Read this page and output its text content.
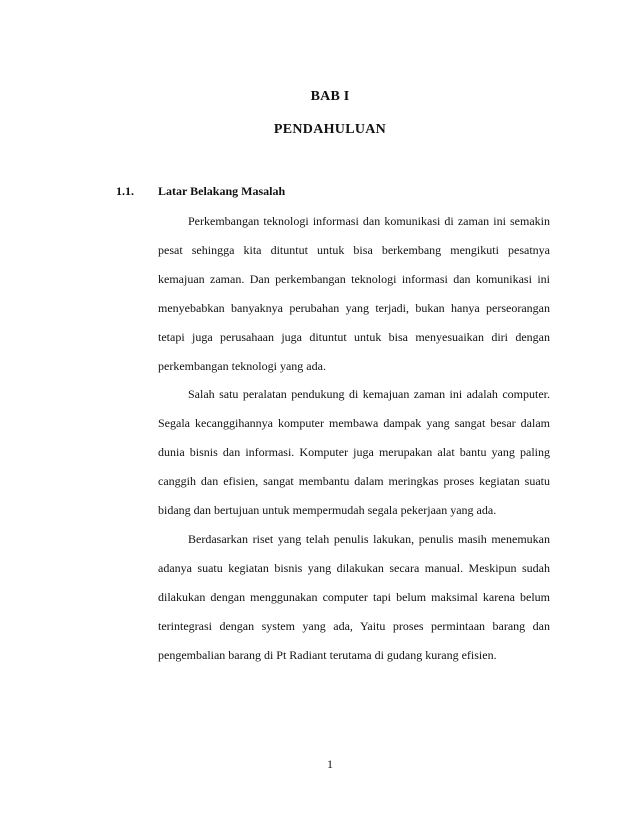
BAB I
PENDAHULUAN
1.1. Latar Belakang Masalah

Perkembangan teknologi informasi dan komunikasi di zaman ini semakin pesat sehingga kita dituntut untuk bisa berkembang mengikuti pesatnya kemajuan zaman. Dan perkembangan teknologi informasi dan komunikasi ini menyebabkan banyaknya perubahan yang terjadi, bukan hanya perseorangan tetapi juga perusahaan juga dituntut untuk bisa menyesuaikan diri dengan perkembangan teknologi yang ada.

Salah satu peralatan pendukung di kemajuan zaman ini adalah computer. Segala kecanggihannya komputer membawa dampak yang sangat besar dalam dunia bisnis dan informasi. Komputer juga merupakan alat bantu yang paling canggih dan efisien, sangat membantu dalam meringkas proses kegiatan suatu bidang dan bertujuan untuk mempermudah segala pekerjaan yang ada.

Berdasarkan riset yang telah penulis lakukan, penulis masih menemukan adanya suatu kegiatan bisnis yang dilakukan secara manual. Meskipun sudah dilakukan dengan menggunakan computer tapi belum maksimal karena belum terintegrasi dengan system yang ada, Yaitu proses permintaan barang dan pengembalian barang di Pt Radiant terutama di gudang kurang efisien.

1
